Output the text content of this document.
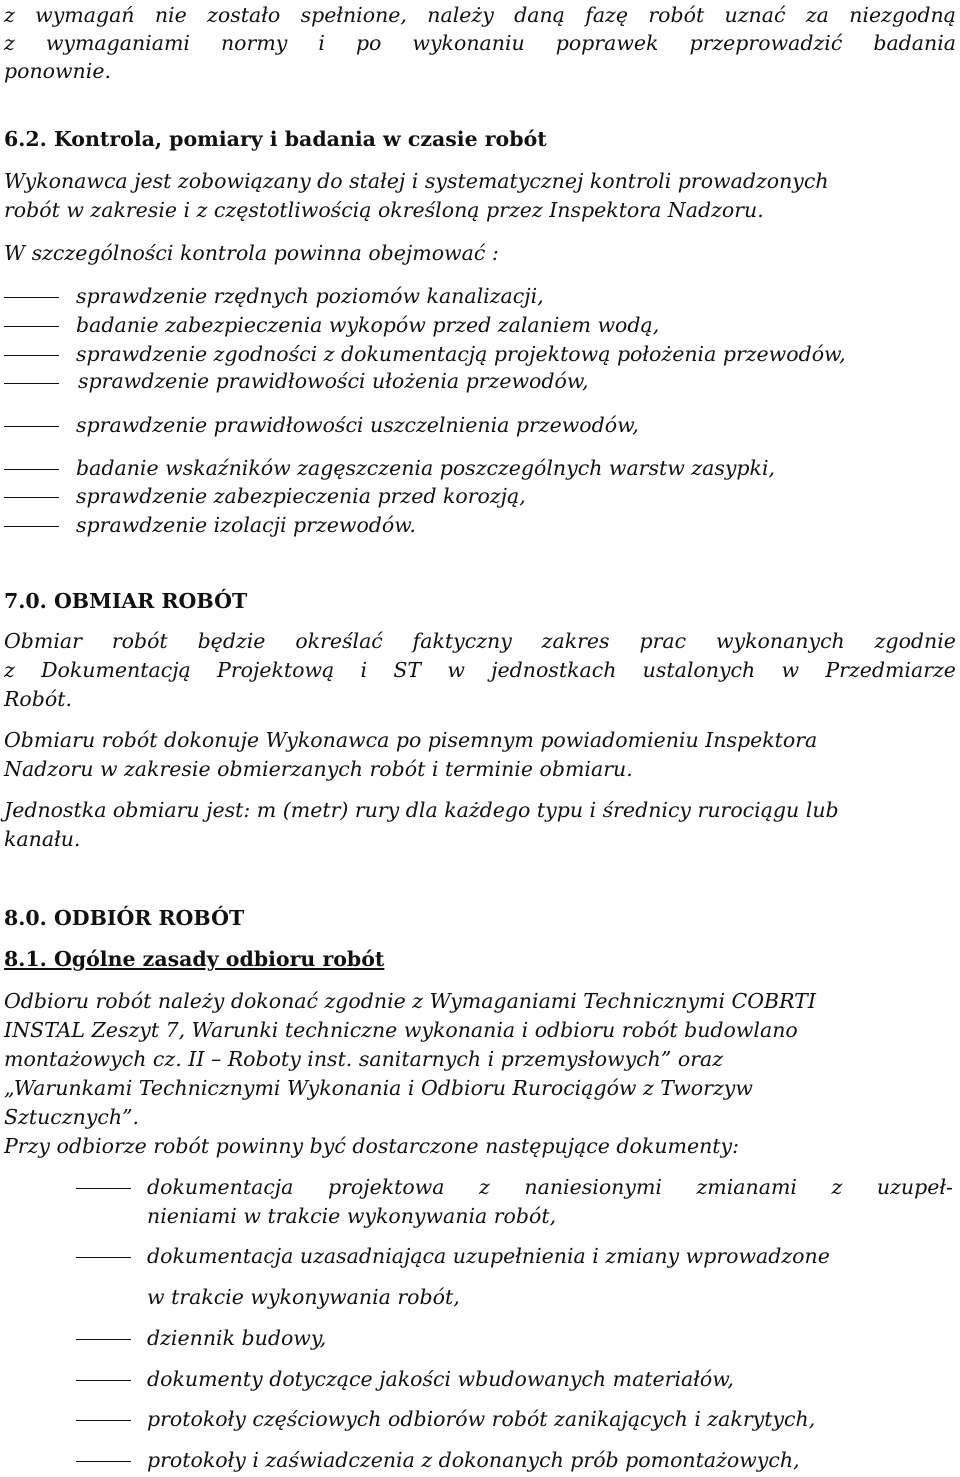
z wymagań nie zostało spełnione, należy daną fazę robót uznać za niezgodną
z wymaganiami normy i po wykonaniu poprawek przeprowadzić badania
ponownie.
6.2. Kontrola, pomiary i badania w czasie robót
Wykonawca jest zobowiązany do stałej i systematycznej kontroli prowadzonych
robót w zakresie i z częstotliwością określoną przez Inspektora Nadzoru.
W szczególności kontrola powinna obejmować :
sprawdzenie rzędnych poziomów kanalizacji,
badanie zabezpieczenia wykopów przed zalaniem wodą,
sprawdzenie zgodności z dokumentacją projektową położenia przewodów,
sprawdzenie prawidłowości ułożenia przewodów,
sprawdzenie prawidłowości uszczelnienia przewodów,
badanie wskaźników zagęszczenia poszczególnych warstw zasypki,
sprawdzenie zabezpieczenia przed korozją,
sprawdzenie izolacji przewodów.
7.0. OBMIAR ROBÓT
Obmiar robót będzie określać faktyczny zakres prac wykonanych zgodnie
z Dokumentacją Projektową i ST w jednostkach ustalonych w Przedmiarze
Robót.
Obmiaru robót dokonuje Wykonawca po pisemnym powiadomieniu Inspektora
Nadzoru w zakresie obmierzanych robót i terminie obmiaru.
Jednostka obmiaru jest: m (metr) rury dla każdego typu i średnicy rurociągu lub
kanału.
8.0. ODBIÓR ROBÓT
8.1. Ogólne zasady odbioru robót
Odbioru robót należy dokonać zgodnie z Wymaganiami Technicznymi COBRTI
INSTAL Zeszyt 7, Warunki techniczne wykonania i odbioru robót budowlano
montażowych cz. II – Roboty inst. sanitarnych i przemysłowych” oraz
„Warunkami Technicznymi Wykonania i Odbioru Rurociągów z Tworzyw
Sztucznych”.
Przy odbiorze robót powinny być dostarczone następujące dokumenty:
dokumentacja projektowa z naniesionymi zmianami z uzupeł-
nieniami w trakcie wykonywania robót,
dokumentacja uzasadniająca uzupełnienia i zmiany wprowadzone
w trakcie wykonywania robót,
dziennik budowy,
dokumenty dotyczące jakości wbudowanych materiałów,
protokoły częściowych odbiorów robót zanikających i zakrytych,
protokoły i zaświadczenia z dokonanych prób pomontażowych,
